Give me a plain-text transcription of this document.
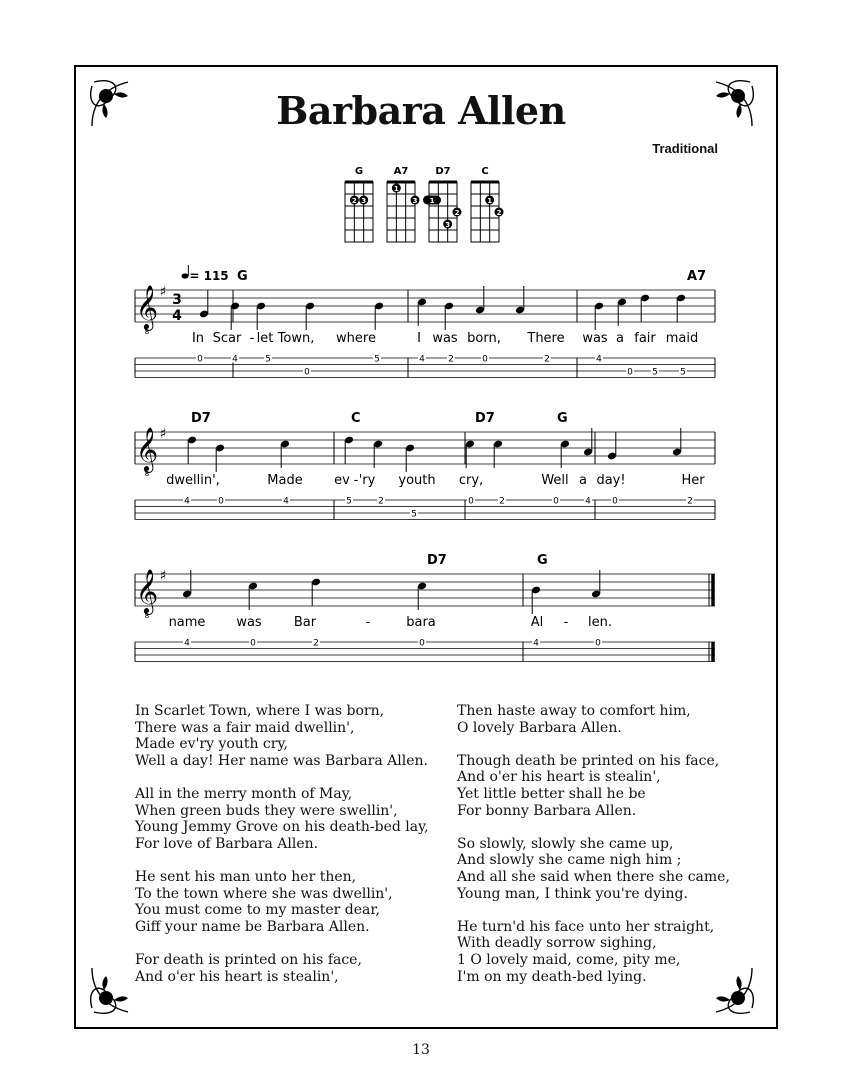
Barbara Allen
Traditional
G
2 3
A7
1
3
D7
1
2
3
C
1
2
𝄞
8
♯ 3
4
= 115 G	A7
In Scar - let Town, where	I was born, There was a fair maid
0	4	5
0
5	4	2	0	2	4
0 5 5
𝄞
8
♯
D7	C	D7	G
dwellin',	Made ev - 'ry youth cry,	Well a day!	Her
4	0	4	5	2
5
0	2	0	4 0	2
𝄞
8
♯
D7	G
name was Bar	-	bara	Al - len.
4	0	2	0	4	0
In Scarlet Town, where I was born,
There was a fair maid dwellin',
Made ev'ry youth cry,
Well a day! Her name was Barbara Allen.
All in the merry month of May,
When green buds they were swellin',
Young Jemmy Grove on his death-bed lay,
For love of Barbara Allen.
He sent his man unto her then,
To the town where she was dwellin',
You must come to my master dear,
Giff your name be Barbara Allen.
For death is printed on his face,
And o'er his heart is stealin',
Then haste away to comfort him,
O lovely Barbara Allen.
Though death be printed on his face,
And o'er his heart is stealin',
Yet little better shall he be
For bonny Barbara Allen.
So slowly, slowly she came up,
And slowly she came nigh him ;
And all she said when there she came,
Young man, I think you're dying.
He turn'd his face unto her straight,
With deadly sorrow sighing,
1 O lovely maid, come, pity me,
I'm on my death-bed lying.
13
